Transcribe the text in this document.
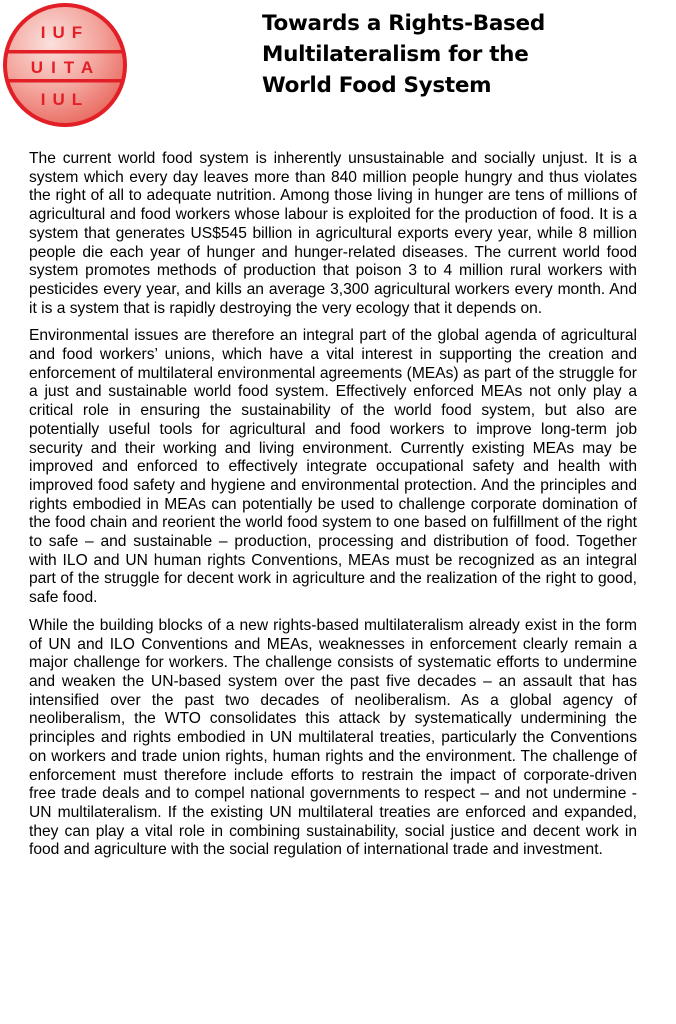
IUF
UITA
IUL
Towards a Rights-Based
Multilateralism for the
World Food System

The current world food system is inherently unsustainable and socially unjust. It is a system which every day leaves more than 840 million people hungry and thus violates the right of all to adequate nutrition. Among those living in hunger are tens of millions of agricultural and food workers whose labour is exploited for the production of food. It is a system that generates US$545 billion in agricultural exports every year, while 8 million people die each year of hunger and hunger-related diseases. The current world food system promotes methods of production that poison 3 to 4 million rural workers with pesticides every year, and kills an average 3,300 agricultural workers every month. And it is a system that is rapidly destroying the very ecology that it depends on.

Environmental issues are therefore an integral part of the global agenda of agricultural and food workers’ unions, which have a vital interest in supporting the creation and enforcement of multilateral environmental agreements (MEAs) as part of the struggle for a just and sustainable world food system. Effectively enforced MEAs not only play a critical role in ensuring the sustainability of the world food system, but also are potentially useful tools for agricultural and food workers to improve long-term job security and their working and living environment. Currently existing MEAs may be improved and enforced to effectively integrate occupational safety and health with improved food safety and hygiene and environmental protection. And the principles and rights embodied in MEAs can potentially be used to challenge corporate domination of the food chain and reorient the world food system to one based on fulfillment of the right to safe – and sustainable – production, processing and distribution of food. Together with ILO and UN human rights Conventions, MEAs must be recognized as an integral part of the struggle for decent work in agriculture and the realization of the right to good, safe food.

While the building blocks of a new rights-based multilateralism already exist in the form of UN and ILO Conventions and MEAs, weaknesses in enforcement clearly remain a major challenge for workers. The challenge consists of systematic efforts to undermine and weaken the UN-based system over the past five decades – an assault that has intensified over the past two decades of neoliberalism. As a global agency of neoliberalism, the WTO consolidates this attack by systematically undermining the principles and rights embodied in UN multilateral treaties, particularly the Conventions on workers and trade union rights, human rights and the environment. The challenge of enforcement must therefore include efforts to restrain the impact of corporate-driven free trade deals and to compel national governments to respect – and not undermine - UN multilateralism. If the existing UN multilateral treaties are enforced and expanded, they can play a vital role in combining sustainability, social justice and decent work in food and agriculture with the social regulation of international trade and investment.
